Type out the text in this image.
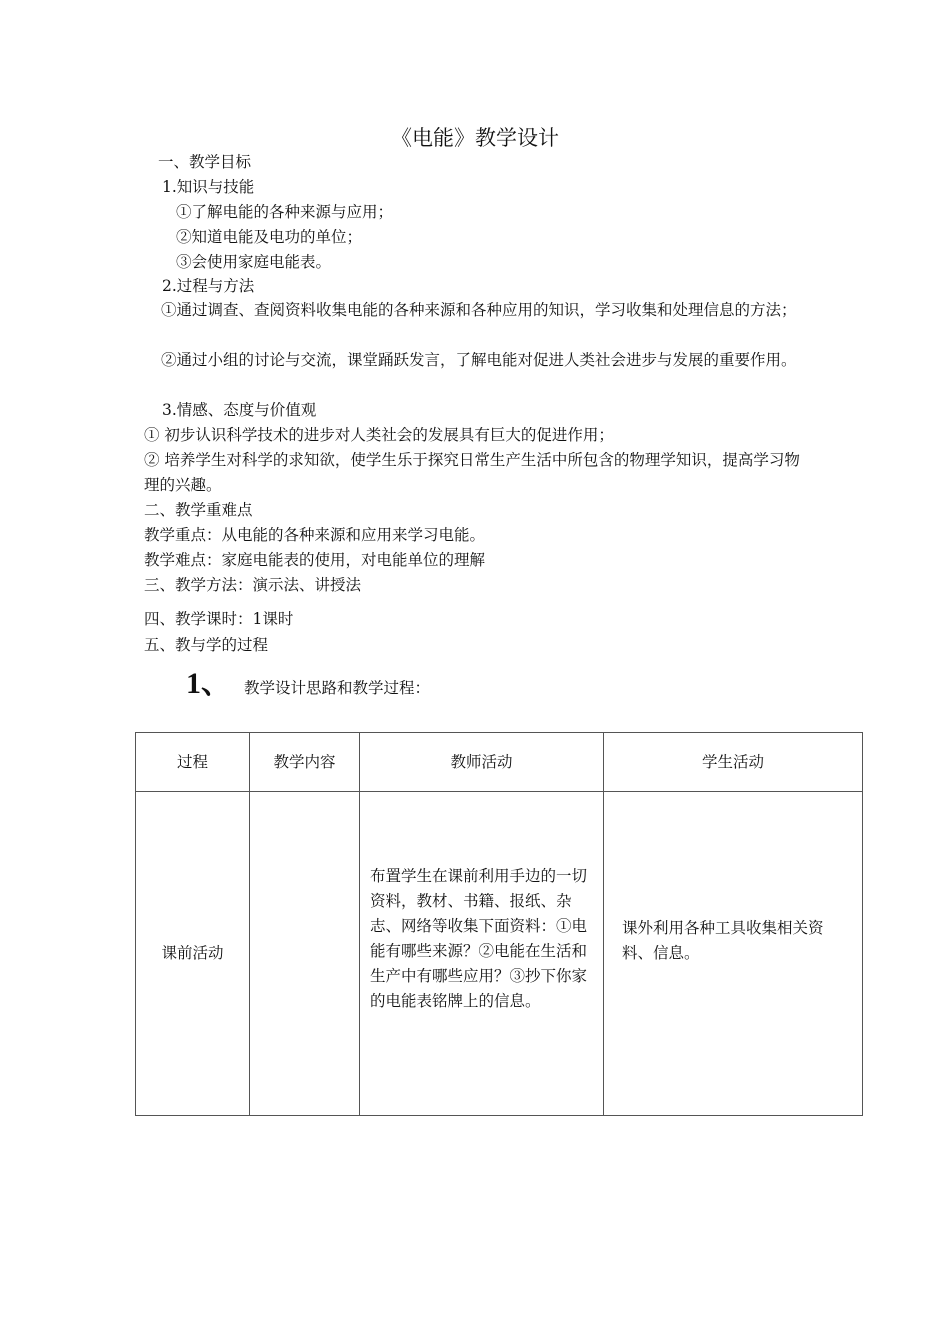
《电能》教学设计
一、教学目标
1.知识与技能
①了解电能的各种来源与应用；
②知道电能及电功的单位；
③会使用家庭电能表。
2.过程与方法
①通过调查、查阅资料收集电能的各种来源和各种应用的知识，学习收集和处理信息的方法；
②通过小组的讨论与交流，课堂踊跃发言，了解电能对促进人类社会进步与发展的重要作用。
3.情感、态度与价值观
① 初步认识科学技术的进步对人类社会的发展具有巨大的促进作用；
② 培养学生对科学的求知欲，使学生乐于探究日常生产生活中所包含的物理学知识，提高学习物理的兴趣。
二、教学重难点
教学重点：从电能的各种来源和应用来学习电能。
教学难点：家庭电能表的使用，对电能单位的理解
三、教学方法：演示法、讲授法
四、教学课时：1课时
五、教与学的过程
1、 教学设计思路和教学过程：
过程	教学内容	教师活动	学生活动
课前活动		布置学生在课前利用手边的一切资料，教材、书籍、报纸、杂志、网络等收集下面资料：①电能有哪些来源？②电能在生活和生产中有哪些应用？③抄下你家的电能表铭牌上的信息。	课外利用各种工具收集相关资料、信息。
